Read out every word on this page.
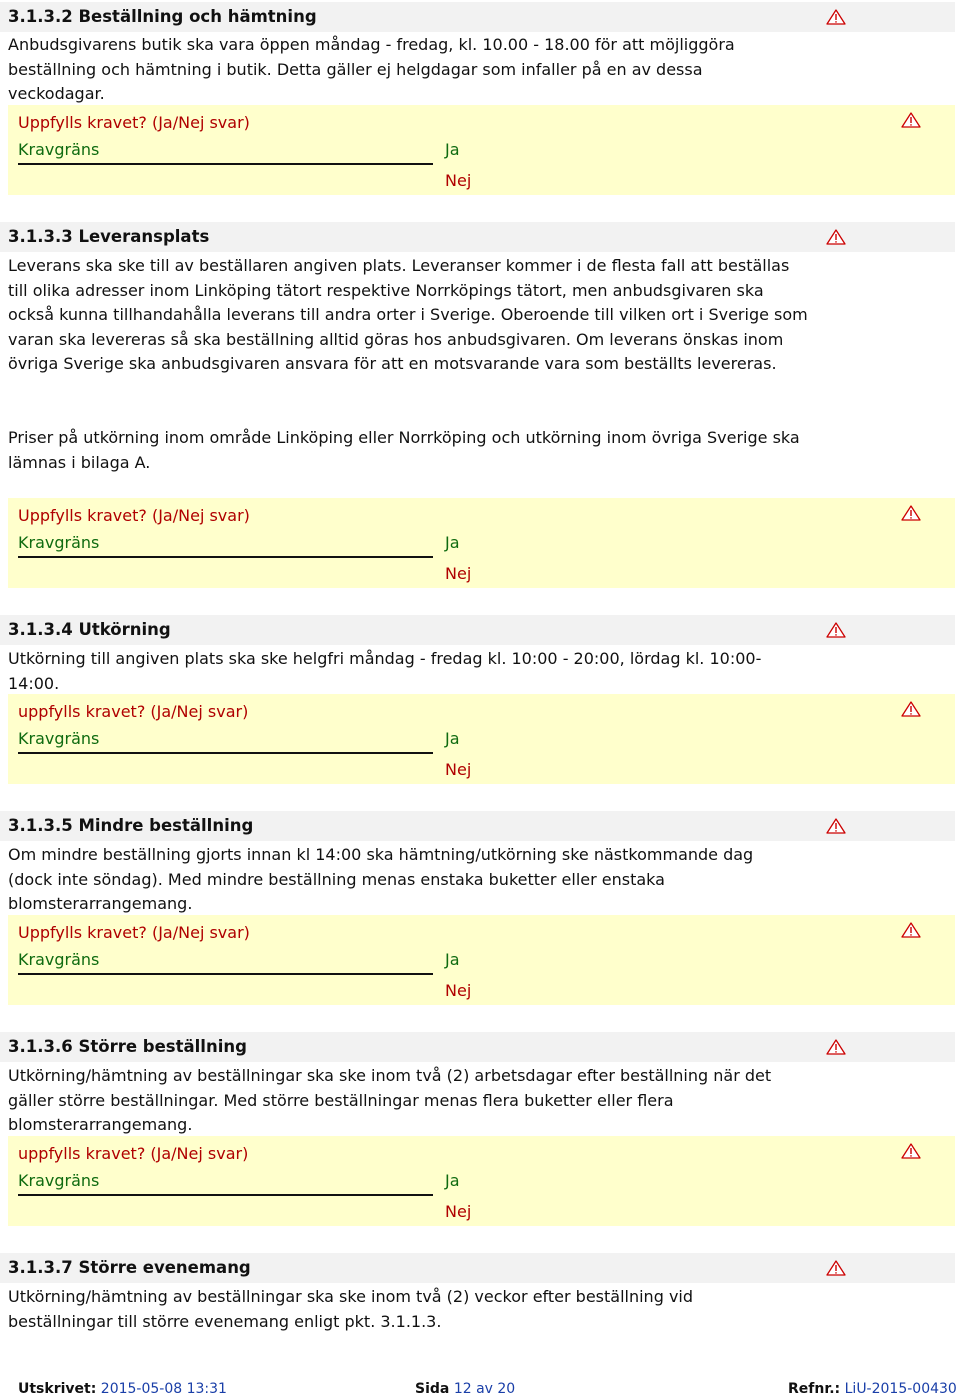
3.1.3.2 Beställning och hämtning

Anbudsgivarens butik ska vara öppen måndag - fredag, kl. 10.00 - 18.00 för att möjliggöra beställning och hämtning i butik. Detta gäller ej helgdagar som infaller på en av dessa veckodagar.

Uppfylls kravet? (Ja/Nej svar)
Kravgräns	Ja
Nej
3.1.3.3 Leveransplats

Leverans ska ske till av beställaren angiven plats. Leveranser kommer i de flesta fall att beställas till olika adresser inom Linköping tätort respektive Norrköpings tätort, men anbudsgivaren ska också kunna tillhandahålla leverans till andra orter i Sverige. Oberoende till vilken ort i Sverige som varan ska levereras så ska beställning alltid göras hos anbudsgivaren. Om leverans önskas inom övriga Sverige ska anbudsgivaren ansvara för att en motsvarande vara som beställts levereras.

Priser på utkörning inom område Linköping eller Norrköping och utkörning inom övriga Sverige ska lämnas i bilaga A.

Uppfylls kravet? (Ja/Nej svar)
Kravgräns	Ja
Nej
3.1.3.4 Utkörning

Utkörning till angiven plats ska ske helgfri måndag - fredag kl. 10:00 - 20:00, lördag kl. 10:00-14:00.

uppfylls kravet? (Ja/Nej svar)
Kravgräns	Ja
Nej
3.1.3.5 Mindre beställning

Om mindre beställning gjorts innan kl 14:00 ska hämtning/utkörning ske nästkommande dag (dock inte söndag). Med mindre beställning menas enstaka buketter eller enstaka blomsterarrangemang.

Uppfylls kravet? (Ja/Nej svar)
Kravgräns	Ja
Nej
3.1.3.6 Större beställning

Utkörning/hämtning av beställningar ska ske inom två (2) arbetsdagar efter beställning när det gäller större beställningar. Med större beställningar menas flera buketter eller flera blomsterarrangemang.

uppfylls kravet? (Ja/Nej svar)
Kravgräns	Ja
Nej
3.1.3.7 Större evenemang

Utkörning/hämtning av beställningar ska ske inom två (2) veckor efter beställning vid beställningar till större evenemang enligt pkt. 3.1.1.3.

Utskrivet: 2015-05-08 13:31	Sida 12 av 20	Refnr.: LiU-2015-00430
